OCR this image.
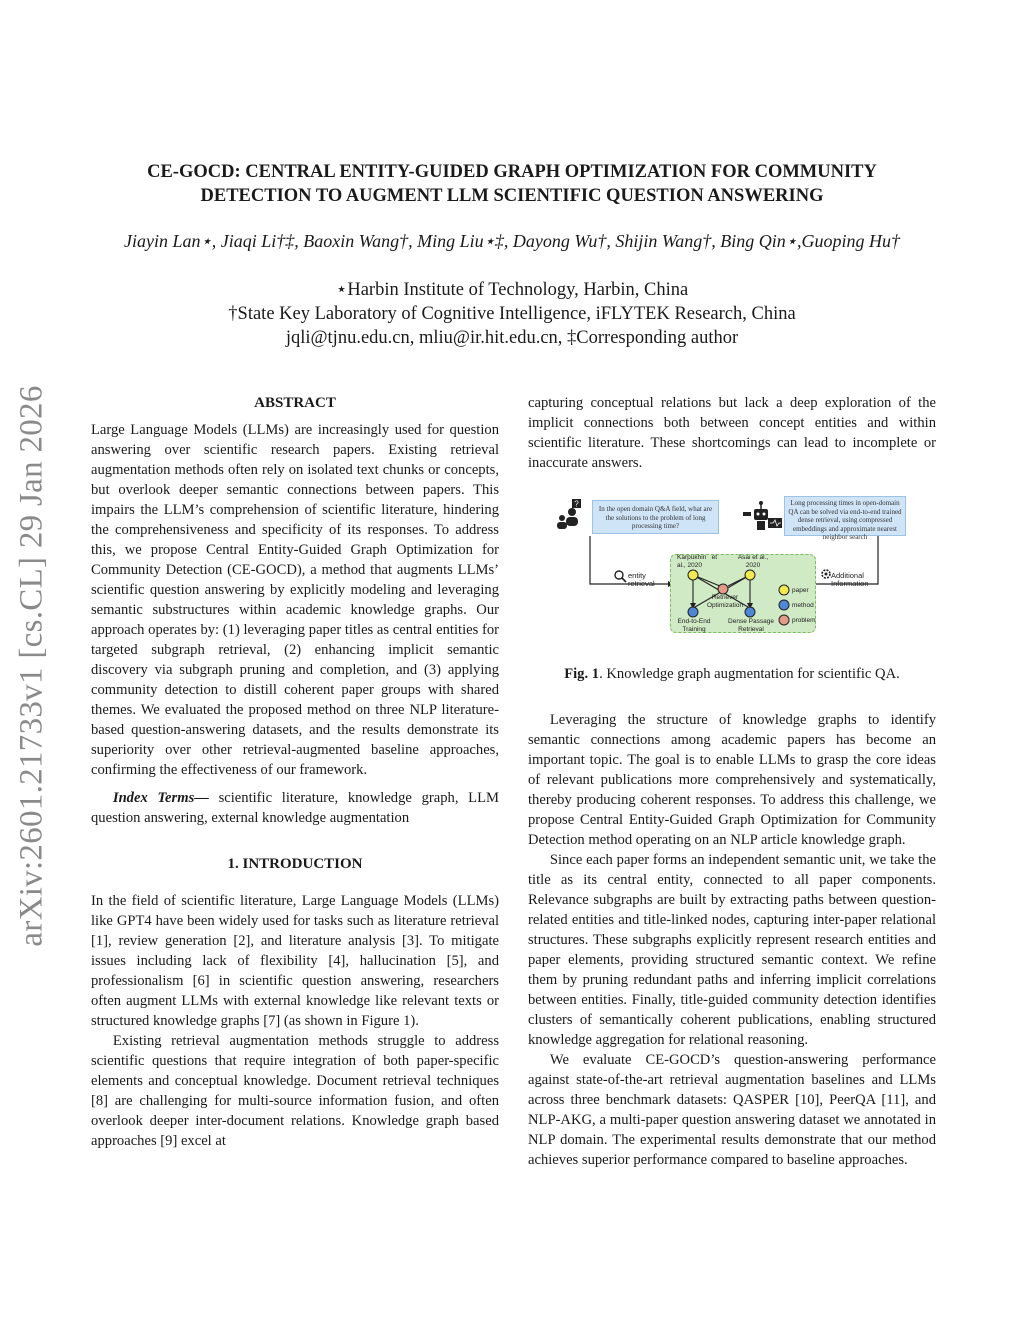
arXiv:2601.21733v1 [cs.CL] 29 Jan 2026
CE-GOCD: CENTRAL ENTITY-GUIDED GRAPH OPTIMIZATION FOR COMMUNITY
DETECTION TO AUGMENT LLM SCIENTIFIC QUESTION ANSWERING
Jiayin Lan⋆, Jiaqi Li†‡, Baoxin Wang†, Ming Liu⋆‡, Dayong Wu†, Shijin Wang†, Bing Qin⋆,Guoping Hu†
⋆Harbin Institute of Technology, Harbin, China
†State Key Laboratory of Cognitive Intelligence, iFLYTEK Research, China
jqli@tjnu.edu.cn, mliu@ir.hit.edu.cn, ‡Corresponding author
ABSTRACT

Large Language Models (LLMs) are increasingly used for question answering over scientific research papers. Existing retrieval augmentation methods often rely on isolated text chunks or concepts, but overlook deeper semantic connections between papers. This impairs the LLM’s comprehension of scientific literature, hindering the comprehensiveness and specificity of its responses. To address this, we propose Central Entity-Guided Graph Optimization for Community Detection (CE-GOCD), a method that augments LLMs’ scientific question answering by explicitly modeling and leveraging semantic substructures within academic knowledge graphs. Our approach operates by: (1) leveraging paper titles as central entities for targeted subgraph retrieval, (2) enhancing implicit semantic discovery via subgraph pruning and completion, and (3) applying community detection to distill coherent paper groups with shared themes. We evaluated the proposed method on three NLP literature-based question-answering datasets, and the results demonstrate its superiority over other retrieval-augmented baseline approaches, confirming the effectiveness of our framework.

Index Terms— scientific literature, knowledge graph, LLM question answering, external knowledge augmentation

1. INTRODUCTION

In the field of scientific literature, Large Language Models (LLMs) like GPT4 have been widely used for tasks such as literature retrieval [1], review generation [2], and literature analysis [3]. To mitigate issues including lack of flexibility [4], hallucination [5], and professionalism [6] in scientific question answering, researchers often augment LLMs with external knowledge like relevant texts or structured knowledge graphs [7] (as shown in Figure 1).

Existing retrieval augmentation methods struggle to address scientific questions that require integration of both paper-specific elements and conceptual knowledge. Document retrieval techniques [8] are challenging for multi-source information fusion, and often overlook deeper inter-document relations. Knowledge graph based approaches [9] excel at

capturing conceptual relations but lack a deep exploration of the implicit connections both between concept entities and within scientific literature. These shortcomings can lead to incomplete or inaccurate answers.

?
In the open domain Q&A field, what are the solutions to the problem of long processing time?
Long processing times in open-domain QA can be solved via end-to-end trained dense retrieval, using compressed embeddings and approximate nearest neighbor search
entity retrieval
Additional Information
Karpukhin et al., 2020
Asai et al., 2020
Retriever Optimization
End-to-End Training
Dense Passage Retrieval
paper
method
problem
Fig. 1. Knowledge graph augmentation for scientific QA.

Leveraging the structure of knowledge graphs to identify semantic connections among academic papers has become an important topic. The goal is to enable LLMs to grasp the core ideas of relevant publications more comprehensively and systematically, thereby producing coherent responses. To address this challenge, we propose Central Entity-Guided Graph Optimization for Community Detection method operating on an NLP article knowledge graph.

Since each paper forms an independent semantic unit, we take the title as its central entity, connected to all paper components. Relevance subgraphs are built by extracting paths between question-related entities and title-linked nodes, capturing inter-paper relational structures. These subgraphs explicitly represent research entities and paper elements, providing structured semantic context. We refine them by pruning redundant paths and inferring implicit correlations between entities. Finally, title-guided community detection identifies clusters of semantically coherent publications, enabling structured knowledge aggregation for relational reasoning.

We evaluate CE-GOCD’s question-answering performance against state-of-the-art retrieval augmentation baselines and LLMs across three benchmark datasets: QASPER [10], PeerQA [11], and NLP-AKG, a multi-paper question answering dataset we annotated in NLP domain. The experimental results demonstrate that our method achieves superior performance compared to baseline approaches.
